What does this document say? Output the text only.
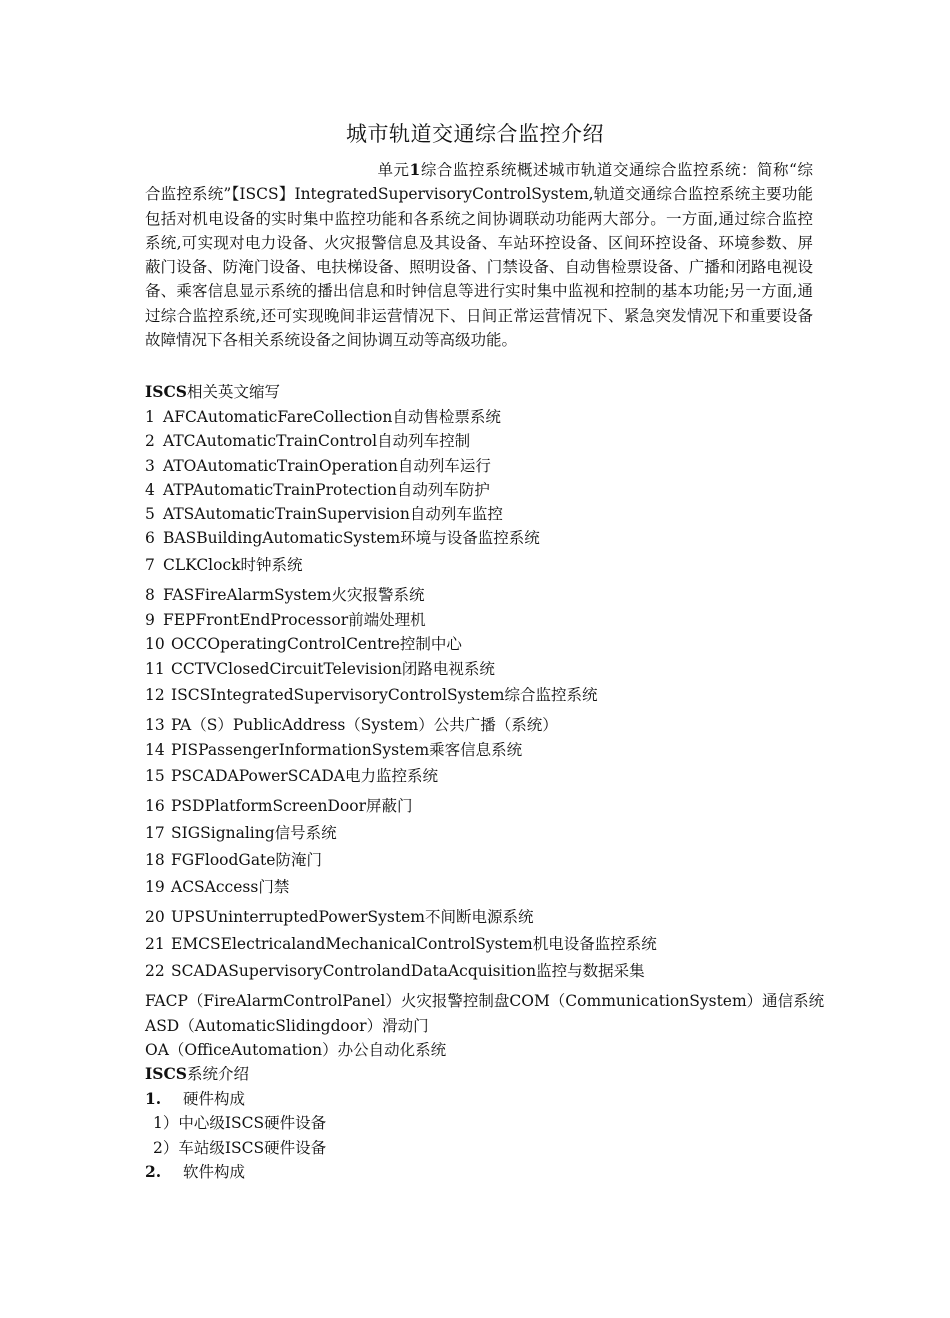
城市轨道交通综合监控介绍
单元1综合监控系统概述城市轨道交通综合监控系统：简称“综合监控系统”【ISCS】IntegratedSupervisoryControlSystem,轨道交通综合监控系统主要功能包括对机电设备的实时集中监控功能和各系统之间协调联动功能两大部分。一方面,通过综合监控系统,可实现对电力设备、火灾报警信息及其设备、车站环控设备、区间环控设备、环境参数、屏蔽门设备、防淹门设备、电扶梯设备、照明设备、门禁设备、自动售检票设备、广播和闭路电视设备、乘客信息显示系统的播出信息和时钟信息等进行实时集中监视和控制的基本功能;另一方面,通过综合监控系统,还可实现晚间非运营情况下、日间正常运营情况下、紧急突发情况下和重要设备故障情况下各相关系统设备之间协调互动等高级功能。
ISCS相关英文缩写
1 AFCAutomaticFareCollection自动售检票系统
2 ATCAutomaticTrainControl自动列车控制
3 ATOAutomaticTrainOperation自动列车运行
4 ATPAutomaticTrainProtection自动列车防护
5 ATSAutomaticTrainSupervision自动列车监控
6 BASBuildingAutomaticSystem环境与设备监控系统
7 CLKClock时钟系统
8 FASFireAlarmSystem火灾报警系统
9 FEPFrontEndProcessor前端处理机
10 OCCOperatingControlCentre控制中心
11 CCTVClosedCircuitTelevision闭路电视系统
12 ISCSIntegratedSupervisoryControlSystem综合监控系统
13 PA（S）PublicAddress（System）公共广播（系统）
14 PISPassengerInformationSystem乘客信息系统
15 PSCADAPowerSCADA电力监控系统
16 PSDPlatformScreenDoor屏蔽门
17 SIGSignaling信号系统
18 FGFloodGate防淹门
19 ACSAccess门禁
20 UPSUninterruptedPowerSystem不间断电源系统
21 EMCSElectricalandMechanicalControlSystem机电设备监控系统
22 SCADASupervisoryControlandDataAcquisition监控与数据采集
FACP（FireAlarmControlPanel）火灾报警控制盘COM（CommunicationSystem）通信系统
ASD（AutomaticSlidingdoor）滑动门
OA（OfficeAutomation）办公自动化系统
ISCS系统介绍
1. 硬件构成
1）中心级ISCS硬件设备
2）车站级ISCS硬件设备
2. 软件构成
